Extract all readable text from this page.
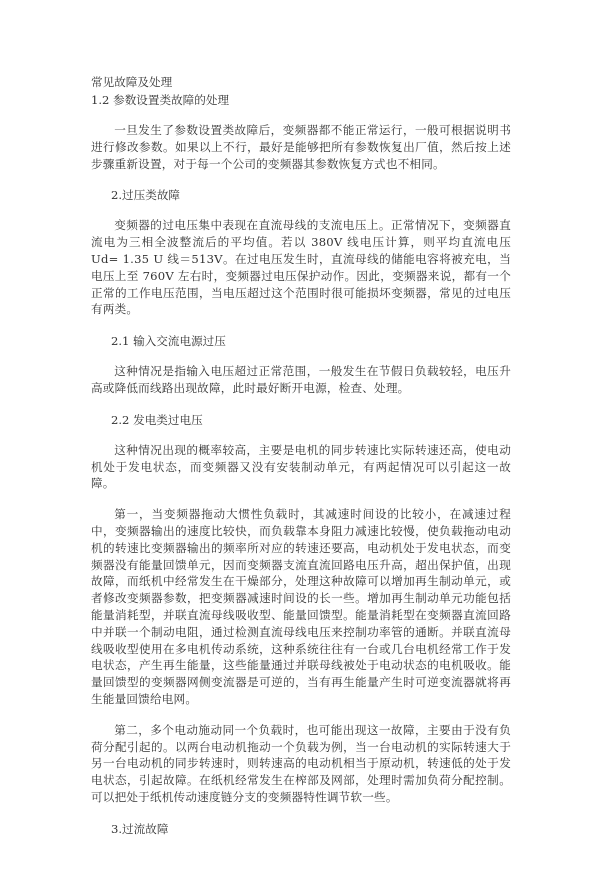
常见故障及处理

1.2 参数设置类故障的处理

一旦发生了参数设置类故障后，变频器都不能正常运行，一般可根据说明书进行修改参数。如果以上不行，最好是能够把所有参数恢复出厂值，然后按上述步骤重新设置，对于每一个公司的变频器其参数恢复方式也不相同。

2.过压类故障

变频器的过电压集中表现在直流母线的支流电压上。正常情况下，变频器直流电为三相全波整流后的平均值。若以 380V 线电压计算，则平均直流电压 Ud= 1.35 U 线＝513V。在过电压发生时，直流母线的储能电容将被充电，当电压上至 760V 左右时，变频器过电压保护动作。因此，变频器来说，都有一个正常的工作电压范围，当电压超过这个范围时很可能损坏变频器，常见的过电压有两类。

2.1 输入交流电源过压

这种情况是指输入电压超过正常范围，一般发生在节假日负载较轻，电压升高或降低而线路出现故障，此时最好断开电源，检查、处理。

2.2 发电类过电压

这种情况出现的概率较高，主要是电机的同步转速比实际转速还高，使电动机处于发电状态，而变频器又没有安装制动单元，有两起情况可以引起这一故障。

第一，当变频器拖动大惯性负载时，其减速时间设的比较小，在减速过程中，变频器输出的速度比较快，而负载靠本身阻力减速比较慢，使负载拖动电动机的转速比变频器输出的频率所对应的转速还要高，电动机处于发电状态，而变频器没有能量回馈单元，因而变频器支流直流回路电压升高，超出保护值，出现故障，而纸机中经常发生在干燥部分，处理这种故障可以增加再生制动单元，或者修改变频器参数，把变频器减速时间设的长一些。增加再生制动单元功能包括能量消耗型，并联直流母线吸收型、能量回馈型。能量消耗型在变频器直流回路中并联一个制动电阻，通过检测直流母线电压来控制功率管的通断。并联直流母线吸收型使用在多电机传动系统，这种系统往往有一台或几台电机经常工作于发电状态，产生再生能量，这些能量通过并联母线被处于电动状态的电机吸收。能量回馈型的变频器网侧变流器是可逆的，当有再生能量产生时可逆变流器就将再生能量回馈给电网。

第二，多个电动施动同一个负载时，也可能出现这一故障，主要由于没有负荷分配引起的。以两台电动机拖动一个负载为例，当一台电动机的实际转速大于另一台电动机的同步转速时，则转速高的电动机相当于原动机，转速低的处于发电状态，引起故障。在纸机经常发生在榨部及网部，处理时需加负荷分配控制。可以把处于纸机传动速度链分支的变频器特性调节软一些。

3.过流故障
